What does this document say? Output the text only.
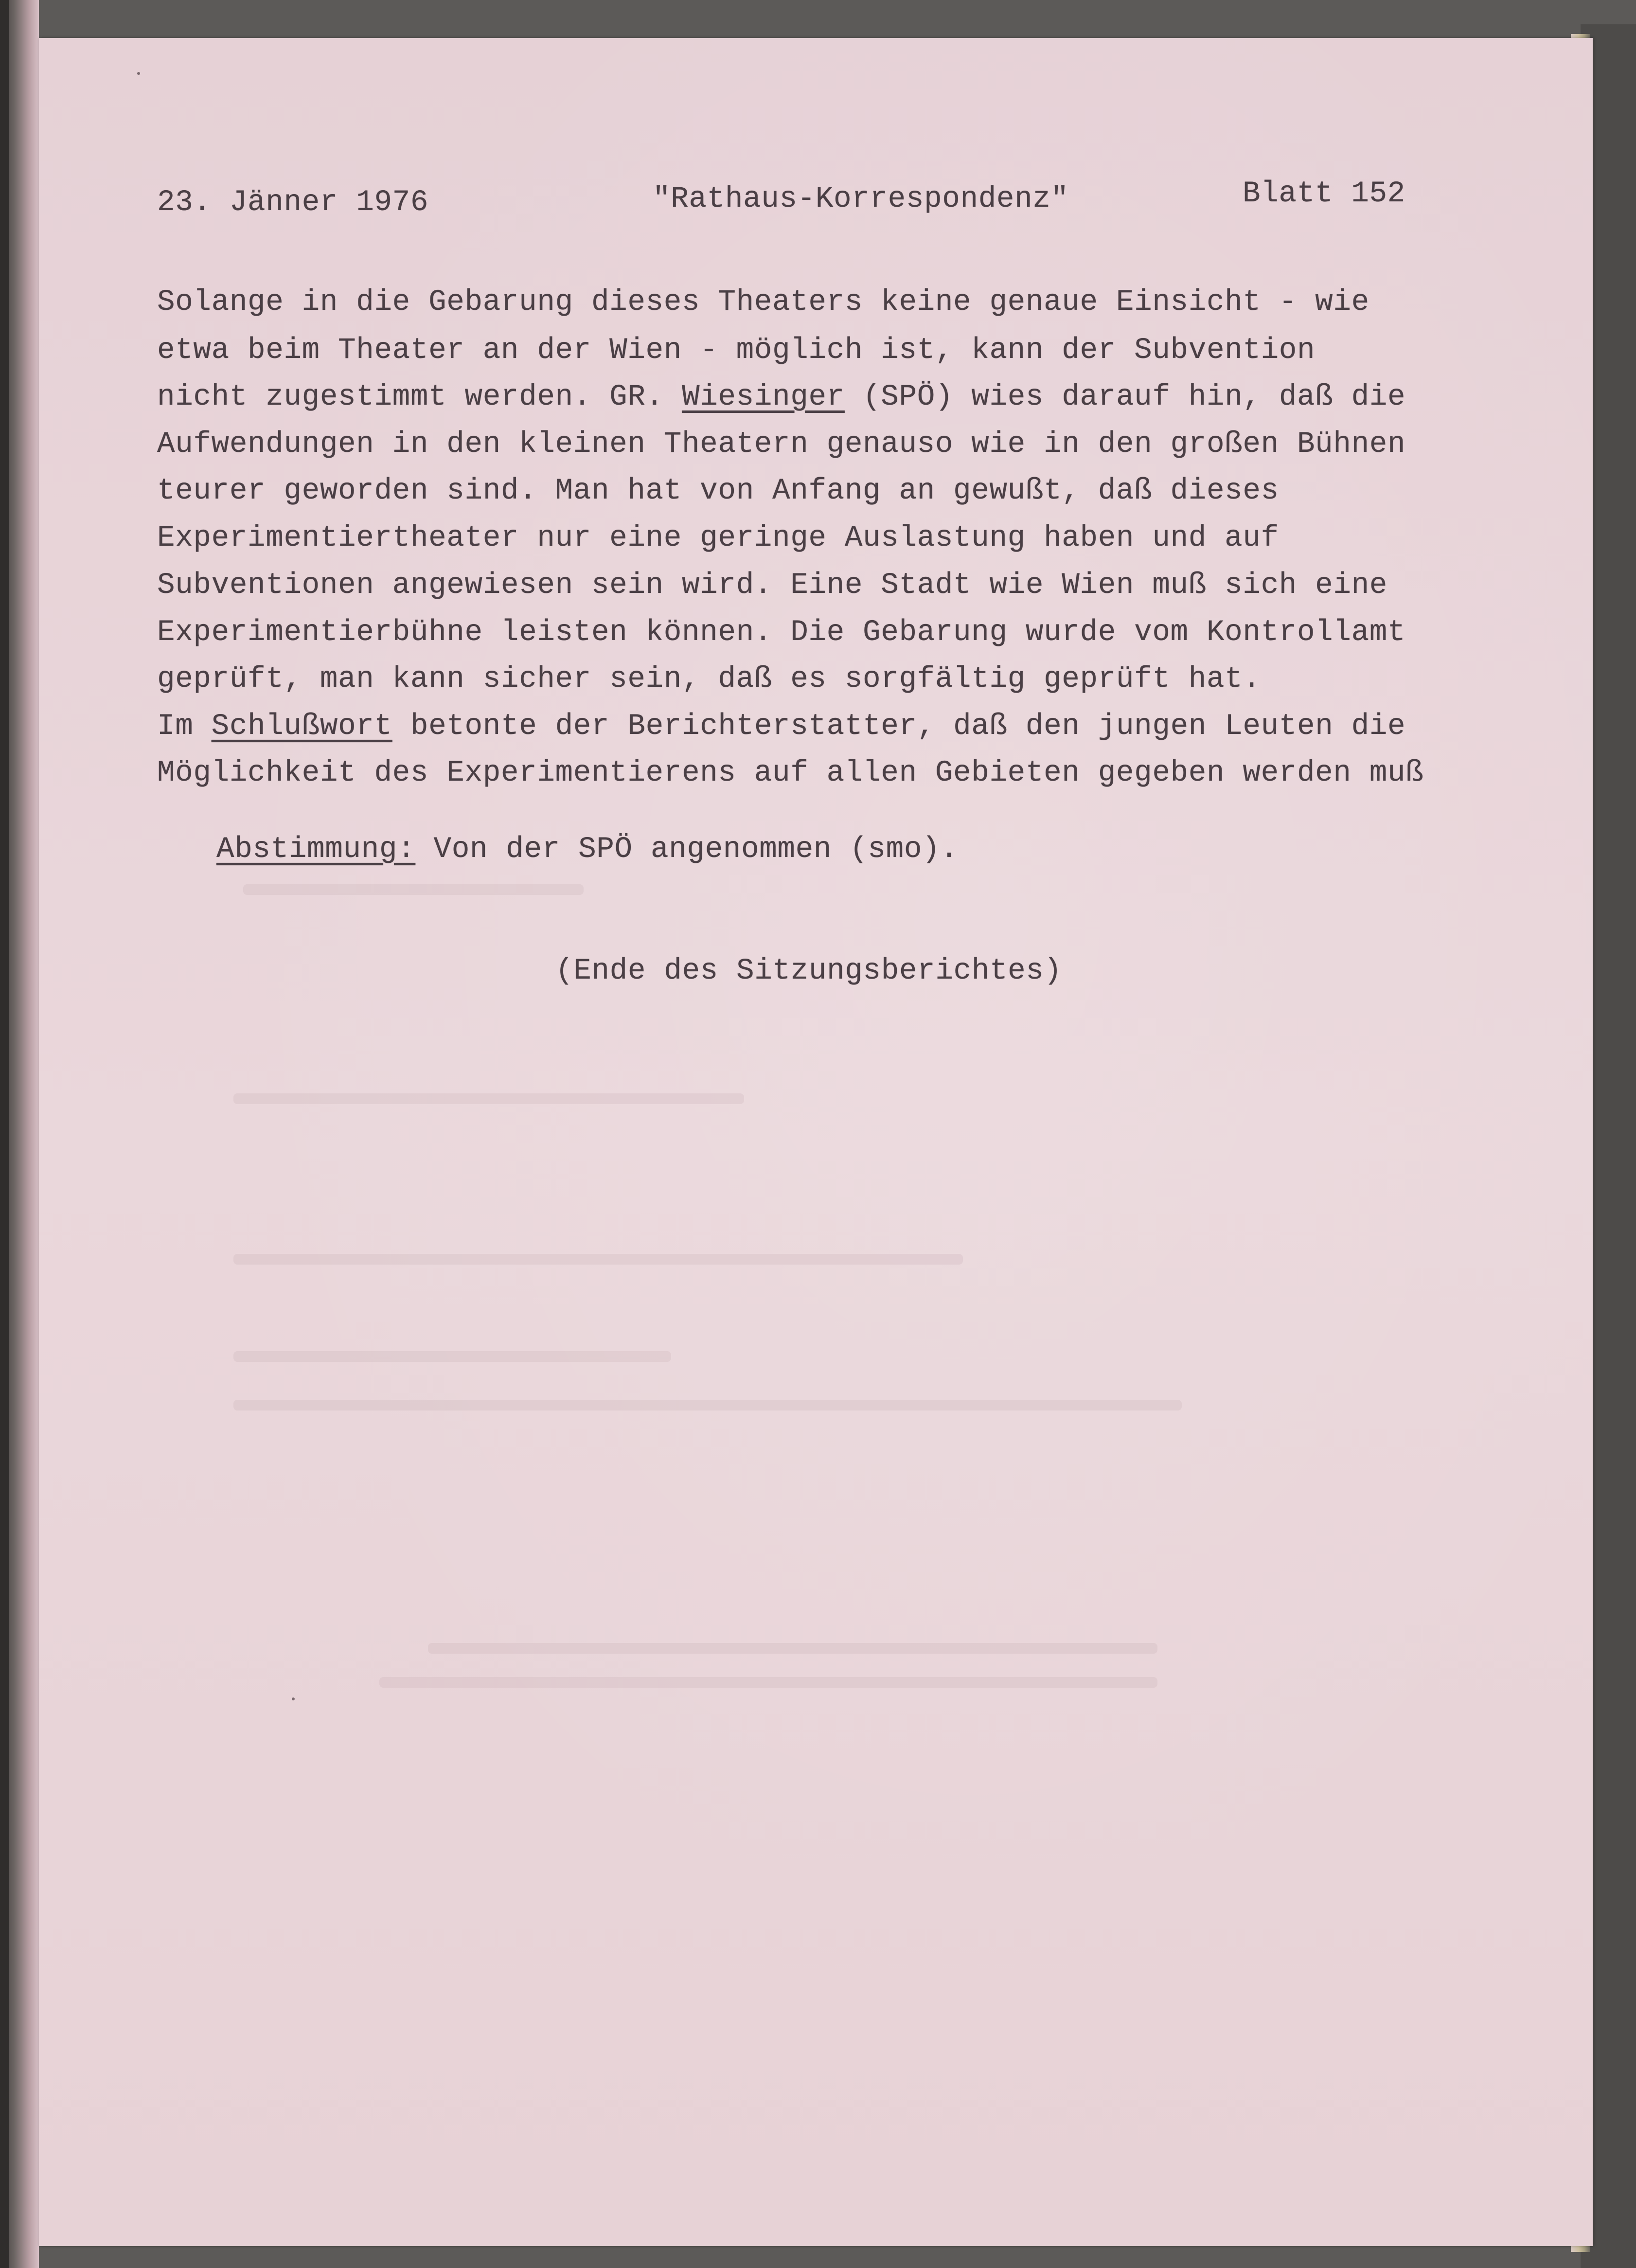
23. Jänner 1976	"Rathaus-Korrespondenz"	Blatt 152
Solange in die Gebarung dieses Theaters keine genaue Einsicht - wie
etwa beim Theater an der Wien - möglich ist, kann der Subvention
nicht zugestimmt werden. GR. Wiesinger (SPÖ) wies darauf hin, daß die
Aufwendungen in den kleinen Theatern genauso wie in den großen Bühnen
teurer geworden sind. Man hat von Anfang an gewußt, daß dieses
Experimentiertheater nur eine geringe Auslastung haben und auf
Subventionen angewiesen sein wird. Eine Stadt wie Wien muß sich eine
Experimentierbühne leisten können. Die Gebarung wurde vom Kontrollamt
geprüft, man kann sicher sein, daß es sorgfältig geprüft hat.
Im Schlußwort betonte der Berichterstatter, daß den jungen Leuten die
Möglichkeit des Experimentierens auf allen Gebieten gegeben werden muß
Abstimmung: Von der SPÖ angenommen (smo).
(Ende des Sitzungsberichtes)
